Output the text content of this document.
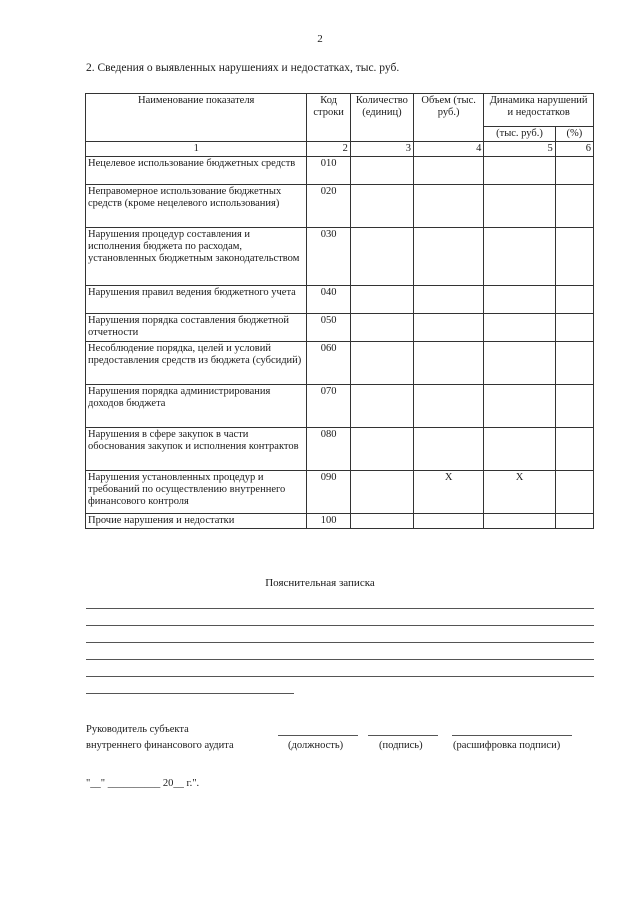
2
2. Сведения о выявленных нарушениях и недостатках, тыс. руб.
Наименование показателя	Код строки	Количество (единиц)	Объем (тыс. руб.)	Динамика нарушений и недостатков	
				(тыс. руб.)	(%)
1	2	3	4	5	6
Нецелевое использование бюджетных средств	010				
Неправомерное использование бюджетных средств (кроме нецелевого использования)	020				
Нарушения процедур составления и исполнения бюджета по расходам, установленных бюджетным законодательством	030				
Нарушения правил ведения бюджетного учета	040				
Нарушения порядка составления бюджетной отчетности	050				
Несоблюдение порядка, целей и условий предоставления средств из бюджета (субсидий)	060				
Нарушения порядка администрирования доходов бюджета	070				
Нарушения в сфере закупок в части обоснования закупок и исполнения контрактов	080				
Нарушения установленных процедур и требований по осуществлению внутреннего финансового контроля	090		X	X	
Прочие нарушения и недостатки	100				
Пояснительная записка
Руководитель субъекта
внутреннего финансового аудита	(должность)	(подпись)	(расшифровка подписи)
"__" __________ 20__ г.".
